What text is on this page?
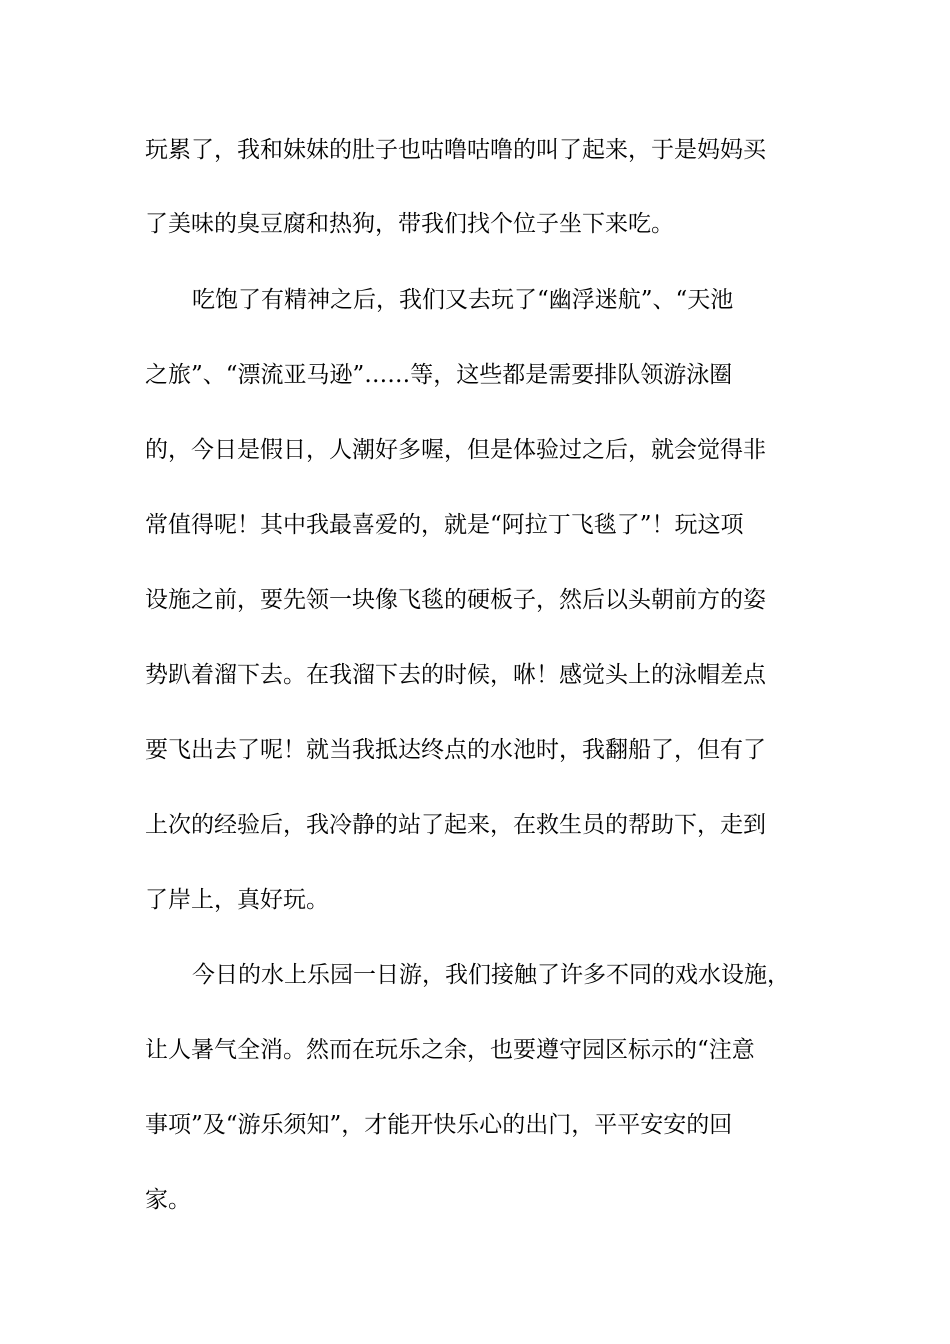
玩累了，我和妹妹的肚子也咕噜咕噜的叫了起来，于是妈妈买
了美味的臭豆腐和热狗，带我们找个位子坐下来吃。
吃饱了有精神之后，我们又去玩了“幽浮迷航”、“天池
之旅”、“漂流亚马逊”……等，这些都是需要排队领游泳圈
的，今日是假日，人潮好多喔，但是体验过之后，就会觉得非
常值得呢！其中我最喜爱的，就是“阿拉丁飞毯了”！玩这项
设施之前，要先领一块像飞毯的硬板子，然后以头朝前方的姿
势趴着溜下去。在我溜下去的时候，咻！感觉头上的泳帽差点
要飞出去了呢！就当我抵达终点的水池时，我翻船了，但有了
上次的经验后，我冷静的站了起来，在救生员的帮助下，走到
了岸上，真好玩。
今日的水上乐园一日游，我们接触了许多不同的戏水设施，
让人暑气全消。然而在玩乐之余，也要遵守园区标示的“注意
事项”及“游乐须知”，才能开快乐心的出门，平平安安的回
家。
